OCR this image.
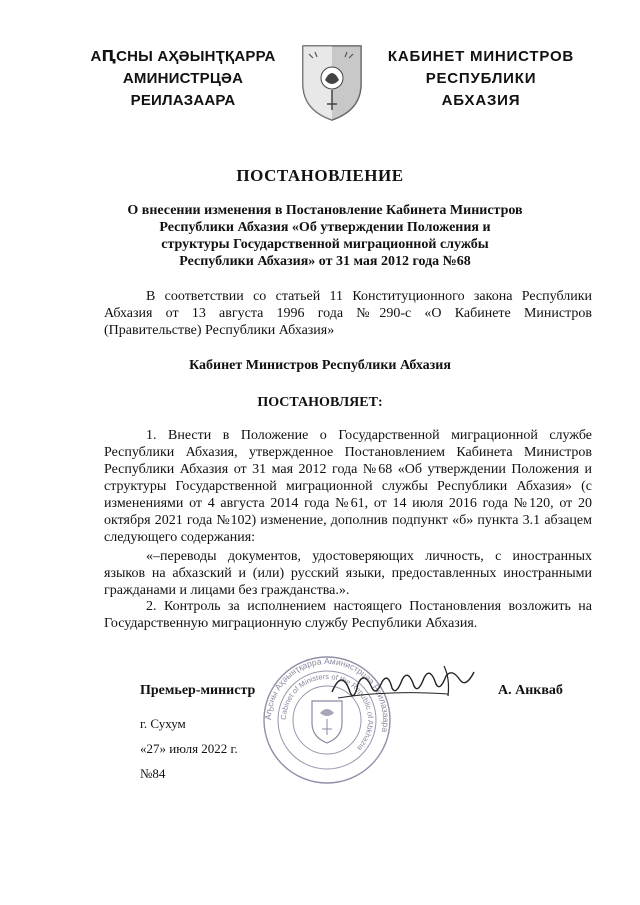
АԤСНЫ АҲӘЫНҬҚАРРА
АМИНИСТРЦӘА РЕИЛАЗААРА
КАБИНЕТ МИНИСТРОВ
РЕСПУБЛИКИ АБХАЗИЯ
ПОСТАНОВЛЕНИЕ
О внесении изменения в Постановление Кабинета Министров
Республики Абхазия «Об утверждении Положения и
структуры Государственной миграционной службы
Республики Абхазия» от 31 мая 2012 года №68
В соответствии со статьей 11 Конституционного закона Республики Абхазия от 13 августа 1996 года №290-с «О Кабинете Министров (Правительстве) Республики Абхазия»
Кабинет Министров Республики Абхазия
ПОСТАНОВЛЯЕТ:
1. Внести в Положение о Государственной миграционной службе Республики Абхазия, утвержденное Постановлением Кабинета Министров Республики Абхазия от 31 мая 2012 года №68 «Об утверждении Положения и структуры Государственной миграционной службы Республики Абхазия» (с изменениями от 4 августа 2014 года №61, от 14 июля 2016 года №120, от 20 октября 2021 года №102) изменение, дополнив подпункт «б» пункта 3.1 абзацем следующего содержания:
«–переводы документов, удостоверяющих личность, с иностранных языков на абхазский и (или) русский языки, предоставленных иностранными гражданами и лицами без гражданства.».
2. Контроль за исполнением настоящего Постановления возложить на Государственную миграционную службу Республики Абхазия.
Аҧсны Аҳәынҭқарра Аминистрцәа Реилазаара
Cabinet of Ministers of the Republic of Abkhazia
Премьер-министр	А. Анкваб
г. Сухум
«27» июля 2022 г.
№84
